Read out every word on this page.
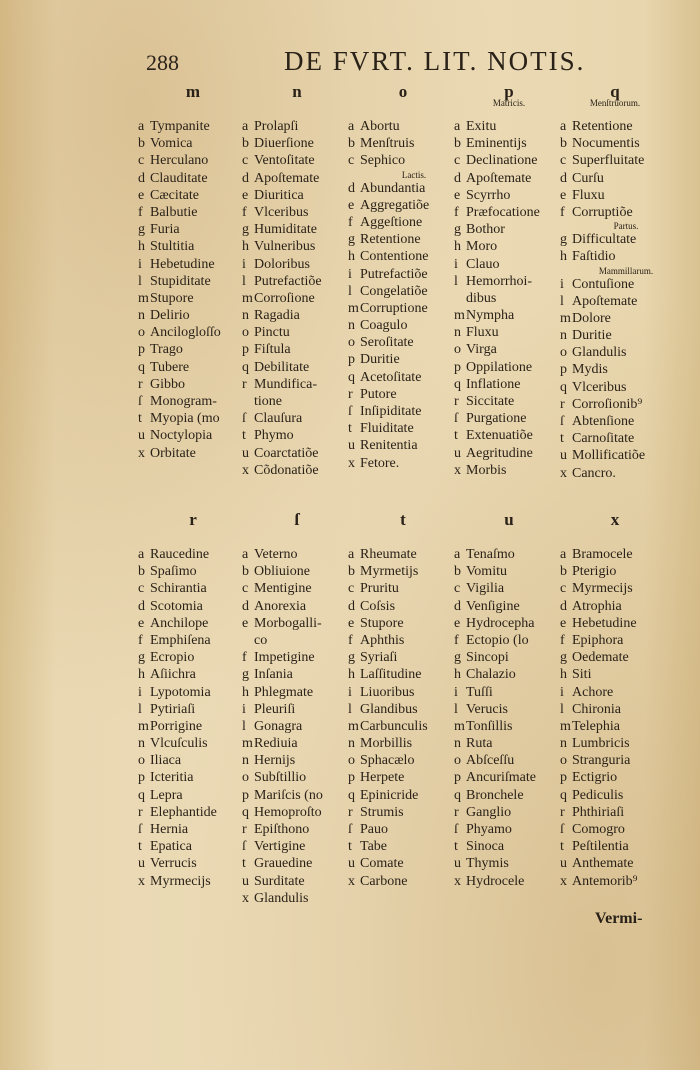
288	DE FVRT. LIT. NOTIS.
m
a Tympanite
b Vomica
c Herculano
d Clauditate
e Cæcitate
f Balbutie
g Furia
h Stultitia
i Hebetudine
l Stupiditate
mStupore
n Delirio
o Ancilogloſſo
p Trago
q Tubere
r Gibbo
ſ Monogram-
t Myopia (mo
u Noctylopia
x Orbitate
n
a Prolapſi
b Diuerſione
c Ventoſitate
d Apoſtemate
e Diuritica
f Vlceribus
g Humiditate
h Vulneribus
i Doloribus
l Putrefactiõe
mCorroſione
n Ragadia
o Pinctu
p Fiſtula
q Debilitate
r Mundifica-
tione
ſ Clauſura
t Phymo
u Coarctatiõe
x Cõdonatiõe
o
a Abortu
b Menſtruis
c Sephico
Lactis.
d Abundantia
e Aggregatiõe
f Aggeſtione
g Retentione
h Contentione
i Putrefactiõe
l Congelatiõe
mCorruptione
n Coagulo
o Seroſitate
p Duritie
q Acetoſitate
r Putore
ſ Inſipiditate
t Fluiditate
u Renitentia
x Fetore.
p
Matricis.
a Exitu
b Eminentijs
c Declinatione
d Apoſtemate
e Scyrrho
f Præfocatione
g Bothor
h Moro
i Clauo
l Hemorrhoi-
dibus
mNympha
n Fluxu
o Virga
p Oppilatione
q Inflatione
r Siccitate
ſ Purgatione
t Extenuatiõe
u Aegritudine
x Morbis
q
Menſtruorum.
a Retentione
b Nocumentis
c Superfluitate
d Curſu
e Fluxu
f Corruptiõe
Partus.
g Difficultate
h Faſtidio
Mammillarum.
i Contuſione
l Apoſtemate
mDolore
n Duritie
o Glandulis
p Mydis
q Vlceribus
r Corroſionib⁹
ſ Abtenſione
t Carnoſitate
u Mollificatiõe
x Cancro.
r
a Raucedine
b Spaſimo
c Schirantia
d Scotomia
e Anchilope
f Emphiſena
g Ecropio
h Aſiichra
i Lypotomia
l Pytiriaſi
mPorrigine
n Vlcuſculis
o Iliaca
p Icteritia
q Lepra
r Elephantide
ſ Hernia
t Epatica
u Verrucis
x Myrmecijs
ſ
a Veterno
b Obliuione
c Mentigine
d Anorexia
e Morbogalli-
co
f Impetigine
g Inſania
h Phlegmate
i Pleuriſi
l Gonagra
mRediuia
n Hernijs
o Subſtillio
p Mariſcis (no
q Hemoproſto
r Epiſthono
ſ Vertigine
t Grauedine
u Surditate
x Glandulis
t
a Rheumate
b Myrmetijs
c Pruritu
d Coſsis
e Stupore
f Aphthis
g Syriaſi
h Laſſitudine
i Liuoribus
l Glandibus
mCarbunculis
n Morbillis
o Sphacælo
p Herpete
q Epinicride
r Strumis
ſ Pauo
t Tabe
u Comate
x Carbone
u
a Tenaſmo
b Vomitu
c Vigilia
d Venſigine
e Hydrocepha
f Ectopio (lo
g Sincopi
h Chalazio
i Tuſſi
l Verucis
mTonſillis
n Ruta
o Abſceſſu
p Ancuriſmate
q Bronchele
r Ganglio
ſ Phyamo
t Sinoca
u Thymis
x Hydrocele
x
a Bramocele
b Pterigio
c Myrmecijs
d Atrophia
e Hebetudine
f Epiphora
g Oedemate
h Siti
i Achore
l Chironia
mTelephia
n Lumbricis
o Stranguria
p Ectigrio
q Pediculis
r Phthiriaſi
ſ Comogro
t Peſtilentia
u Anthemate
x Antemorib⁹
Vermi-
